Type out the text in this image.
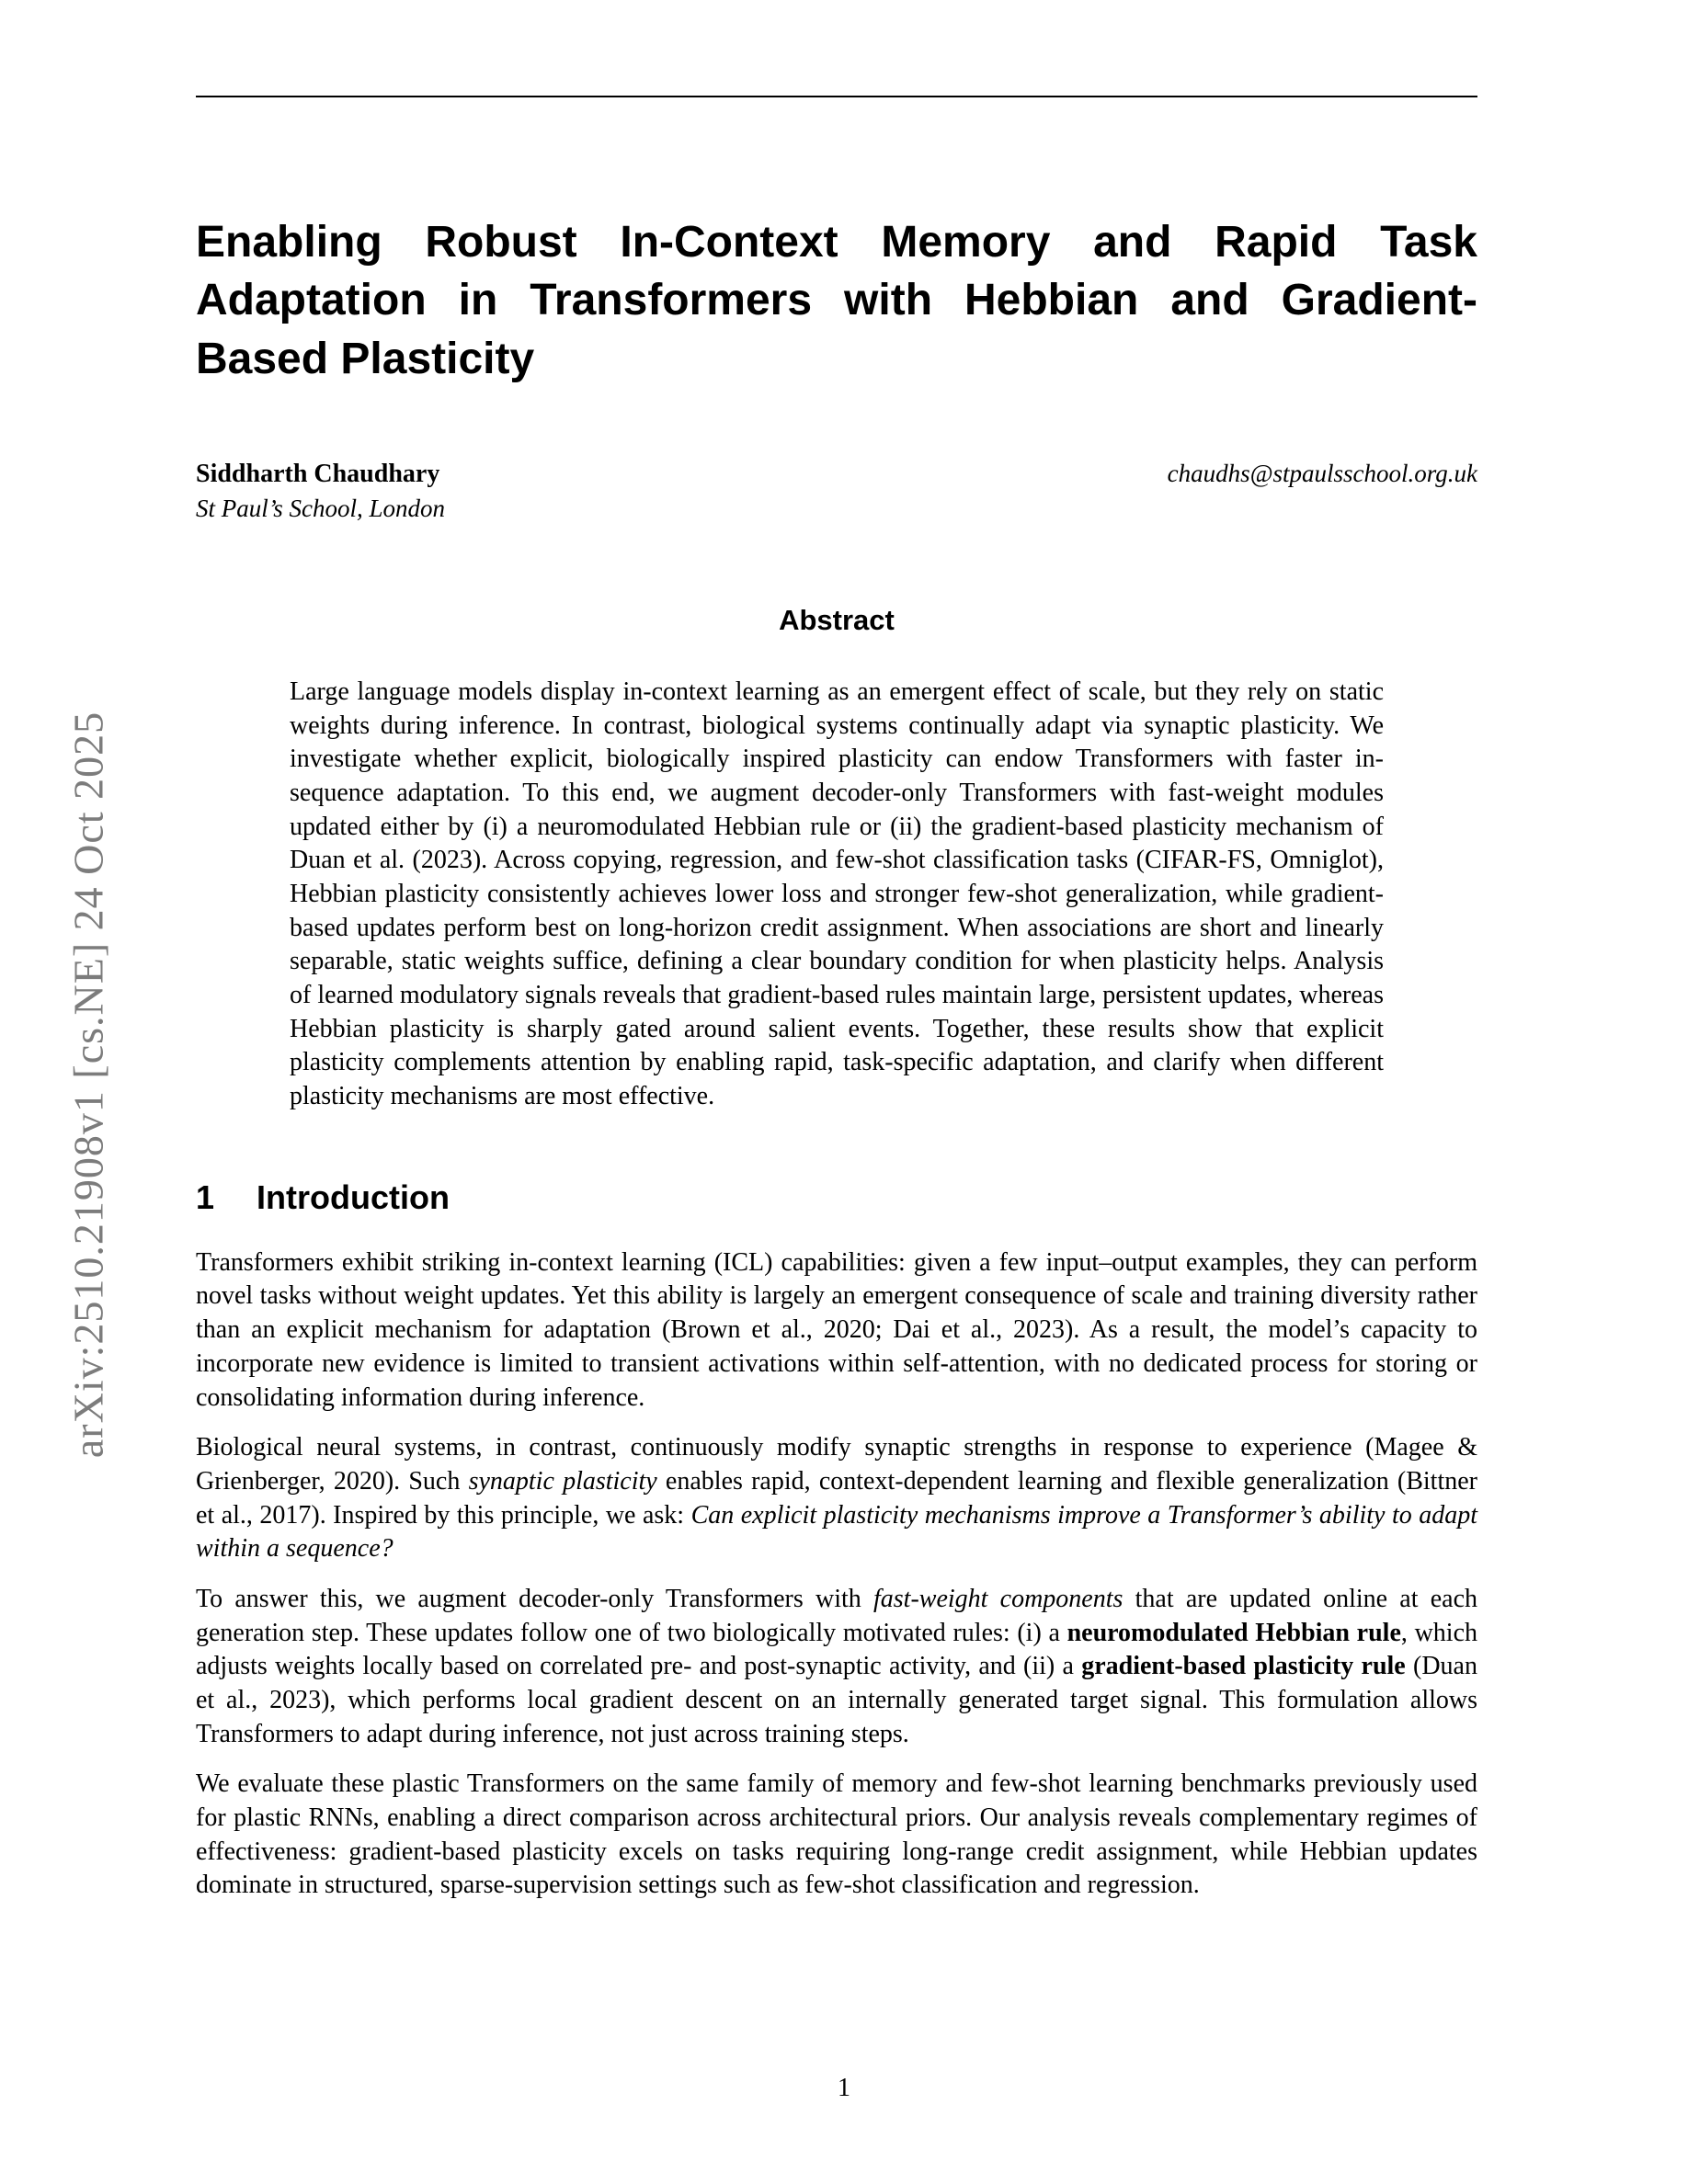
arXiv:2510.21908v1 [cs.NE] 24 Oct 2025
Enabling Robust In-Context Memory and Rapid Task Adaptation in Transformers with Hebbian and Gradient-Based Plasticity
Siddharth Chaudhary	chaudhs@stpaulsschool.org.uk
St Paul’s School, London
Abstract
Large language models display in-context learning as an emergent effect of scale, but they rely on static weights during inference. In contrast, biological systems continually adapt via synaptic plasticity. We investigate whether explicit, biologically inspired plasticity can endow Transformers with faster in-sequence adaptation. To this end, we augment decoder-only Transformers with fast-weight modules updated either by (i) a neuromodulated Hebbian rule or (ii) the gradient-based plasticity mechanism of Duan et al. (2023). Across copying, regression, and few-shot classification tasks (CIFAR-FS, Omniglot), Hebbian plasticity consistently achieves lower loss and stronger few-shot generalization, while gradient-based updates perform best on long-horizon credit assignment. When associations are short and linearly separable, static weights suffice, defining a clear boundary condition for when plasticity helps. Analysis of learned modulatory signals reveals that gradient-based rules maintain large, persistent updates, whereas Hebbian plasticity is sharply gated around salient events. Together, these results show that explicit plasticity complements attention by enabling rapid, task-specific adaptation, and clarify when different plasticity mechanisms are most effective.
1 Introduction

Transformers exhibit striking in-context learning (ICL) capabilities: given a few input–output examples, they can perform novel tasks without weight updates. Yet this ability is largely an emergent consequence of scale and training diversity rather than an explicit mechanism for adaptation (Brown et al., 2020; Dai et al., 2023). As a result, the model’s capacity to incorporate new evidence is limited to transient activations within self-attention, with no dedicated process for storing or consolidating information during inference.

Biological neural systems, in contrast, continuously modify synaptic strengths in response to experience (Magee & Grienberger, 2020). Such synaptic plasticity enables rapid, context-dependent learning and flexible generalization (Bittner et al., 2017). Inspired by this principle, we ask: Can explicit plasticity mechanisms improve a Transformer’s ability to adapt within a sequence?

To answer this, we augment decoder-only Transformers with fast-weight components that are updated online at each generation step. These updates follow one of two biologically motivated rules: (i) a neuromodulated Hebbian rule, which adjusts weights locally based on correlated pre- and post-synaptic activity, and (ii) a gradient-based plasticity rule (Duan et al., 2023), which performs local gradient descent on an internally generated target signal. This formulation allows Transformers to adapt during inference, not just across training steps.

We evaluate these plastic Transformers on the same family of memory and few-shot learning benchmarks previously used for plastic RNNs, enabling a direct comparison across architectural priors. Our analysis reveals complementary regimes of effectiveness: gradient-based plasticity excels on tasks requiring long-range credit assignment, while Hebbian updates dominate in structured, sparse-supervision settings such as few-shot classification and regression.

1
